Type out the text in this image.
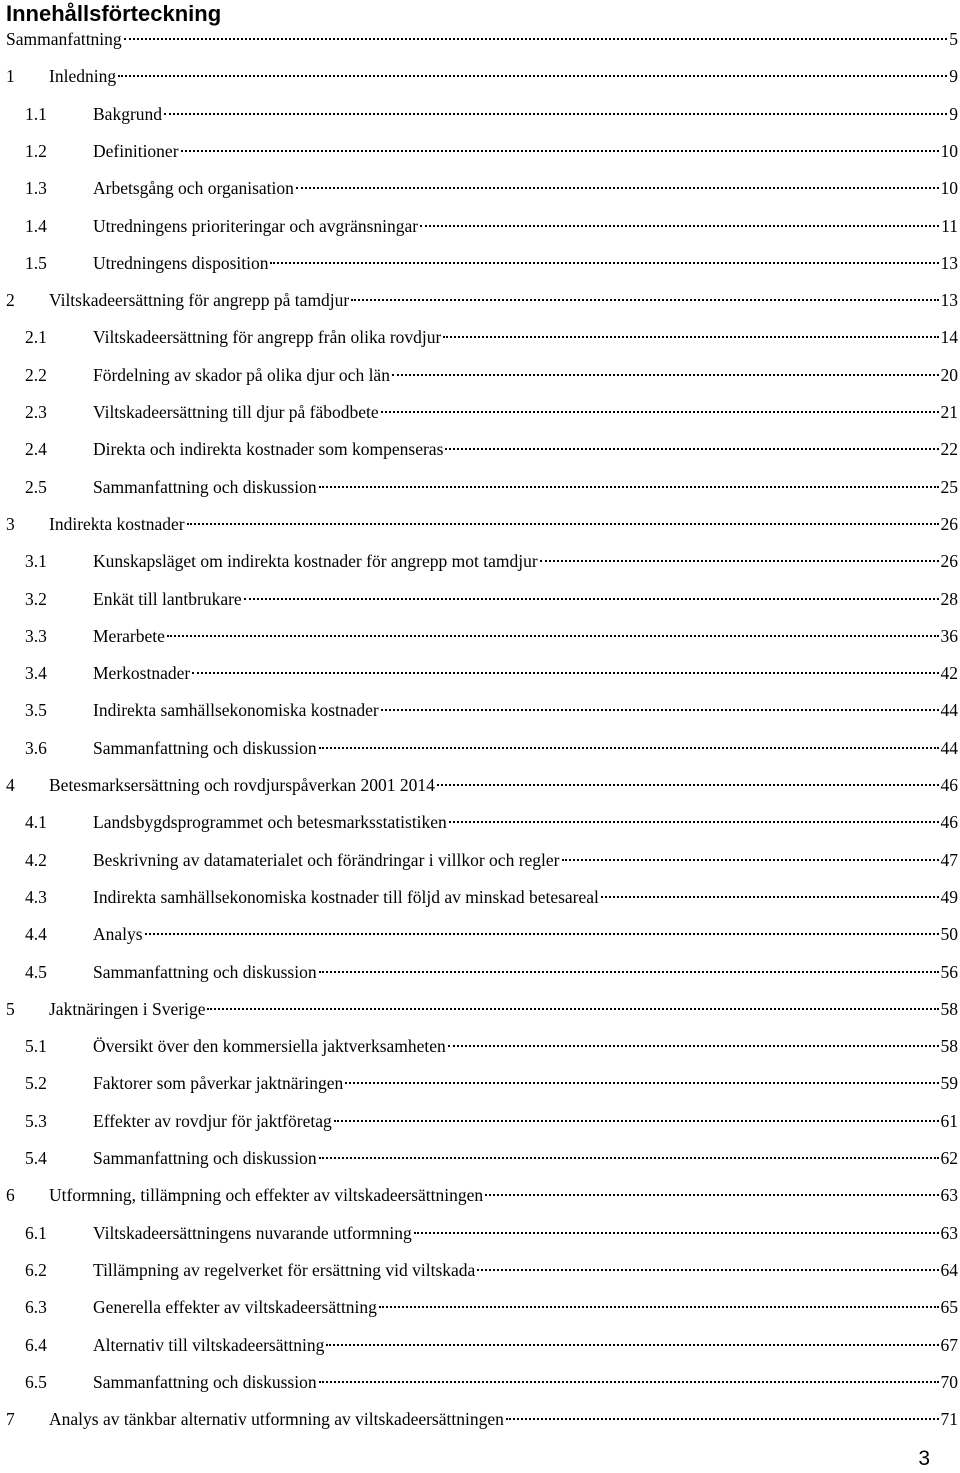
Innehållsförteckning
Sammanfattning	5
1	Inledning	9
1.1	Bakgrund	9
1.2	Definitioner	10
1.3	Arbetsgång och organisation	10
1.4	Utredningens prioriteringar och avgränsningar	11
1.5	Utredningens disposition	13
2	Viltskadeersättning för angrepp på tamdjur	13
2.1	Viltskadeersättning för angrepp från olika rovdjur	14
2.2	Fördelning av skador på olika djur och län	20
2.3	Viltskadeersättning till djur på fäbodbete	21
2.4	Direkta och indirekta kostnader som kompenseras	22
2.5	Sammanfattning och diskussion	25
3	Indirekta kostnader	26
3.1	Kunskapsläget om indirekta kostnader för angrepp mot tamdjur	26
3.2	Enkät till lantbrukare	28
3.3	Merarbete	36
3.4	Merkostnader	42
3.5	Indirekta samhällsekonomiska kostnader	44
3.6	Sammanfattning och diskussion	44
4	Betesmarksersättning och rovdjurspåverkan 2001 2014	46
4.1	Landsbygdsprogrammet och betesmarksstatistiken	46
4.2	Beskrivning av datamaterialet och förändringar i villkor och regler	47
4.3	Indirekta samhällsekonomiska kostnader till följd av minskad betesareal	49
4.4	Analys	50
4.5	Sammanfattning och diskussion	56
5	Jaktnäringen i Sverige	58
5.1	Översikt över den kommersiella jaktverksamheten	58
5.2	Faktorer som påverkar jaktnäringen	59
5.3	Effekter av rovdjur för jaktföretag	61
5.4	Sammanfattning och diskussion	62
6	Utformning, tillämpning och effekter av viltskadeersättningen	63
6.1	Viltskadeersättningens nuvarande utformning	63
6.2	Tillämpning av regelverket för ersättning vid viltskada	64
6.3	Generella effekter av viltskadeersättning	65
6.4	Alternativ till viltskadeersättning	67
6.5	Sammanfattning och diskussion	70
7	Analys av tänkbar alternativ utformning av viltskadeersättningen	71
3
